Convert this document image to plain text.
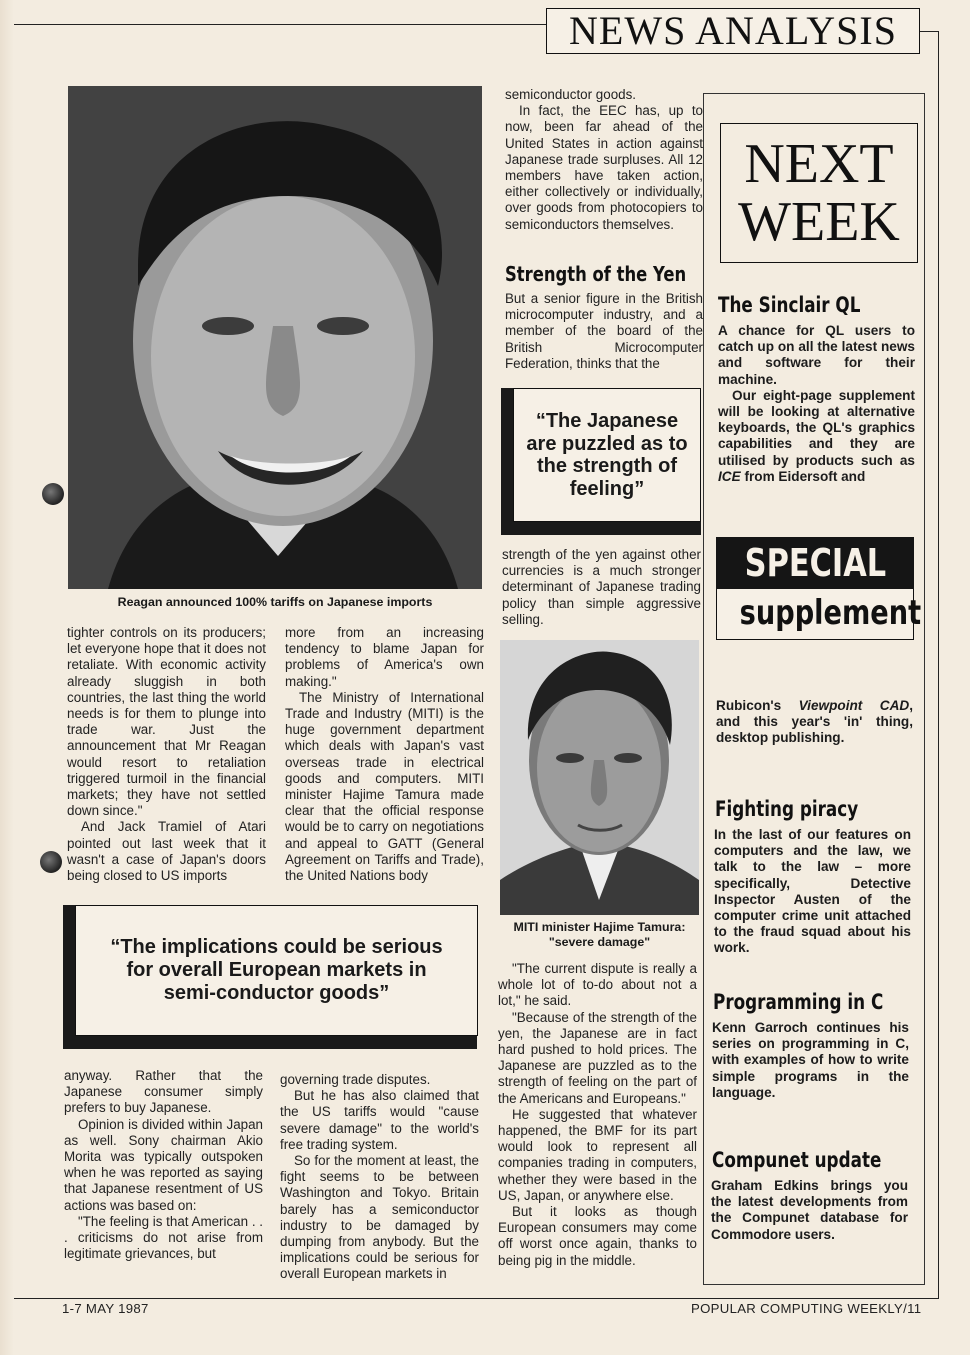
NEWS ANALYSIS
Reagan announced 100% tariffs on Japanese imports

tighter controls on its producers; let everyone hope that it does not retaliate. With economic activity already sluggish in both countries, the last thing the world needs is for them to plunge into trade war. Just the announcement that Mr Reagan would resort to retaliation triggered turmoil in the financial markets; they have not settled down since."

And Jack Tramiel of Atari pointed out last week that it wasn't a case of Japan's doors being closed to US imports

more from an increasing tendency to blame Japan for problems of America's own making."

The Ministry of International Trade and Industry (MITI) is the huge government department which deals with Japan's vast overseas trade in electrical goods and computers. MITI minister Hajime Tamura made clear that the official response would be to carry on negotiations and appeal to GATT (General Agreement on Tariffs and Trade), the United Nations body

“The implications could be serious for overall European markets in semi-conductor goods”

anyway. Rather that the Japanese consumer simply prefers to buy Japanese.

Opinion is divided within Japan as well. Sony chairman Akio Morita was typically outspoken when he was reported as saying that Japanese resentment of US actions was based on:

"The feeling is that American . . . criticisms do not arise from legitimate grievances, but

governing trade disputes.

But he has also claimed that the US tariffs would "cause severe damage" to the world's free trading system.

So for the moment at least, the fight seems to be between Washington and Tokyo. Britain barely has a semiconductor industry to be damaged by dumping from anybody. But the implications could be serious for overall European markets in

semiconductor goods.

In fact, the EEC has, up to now, been far ahead of the United States in action against Japanese trade surpluses. All 12 members have taken action, either collectively or individually, over goods from photocopiers to semiconductors themselves.

Strength of the Yen

But a senior figure in the British microcomputer industry, and a member of the board of the British Microcomputer Federation, thinks that the

“The Japanese are puzzled as to the strength of feeling”

strength of the yen against other currencies is a much stronger determinant of Japanese trading policy than simple aggressive selling.

MITI minister Hajime Tamura: "severe damage"

"The current dispute is really a whole lot of to-do about not a lot," he said.

"Because of the strength of the yen, the Japanese are in fact hard pushed to hold prices. The Japanese are puzzled as to the strength of feeling on the part of the Americans and Europeans."

He suggested that whatever happened, the BMF for its part would look to represent all companies trading in computers, whether they were based in the US, Japan, or anywhere else.

But it looks as though European consumers may come off worst once again, thanks to being pig in the middle.

NEXT
WEEK
The Sinclair QL

A chance for QL users to catch up on all the latest news and software for their machine.

Our eight-page supplement will be looking at alternative keyboards, the QL's graphics capabilities and they are utilised by products such as ICE from Eidersoft and

SPECIAL
supplement

Rubicon's Viewpoint CAD, and this year's 'in' thing, desktop publishing.

Fighting piracy

In the last of our features on computers and the law, we talk to the law – more specifically, Detective Inspector Austen of the computer crime unit attached to the fraud squad about his work.

Programming in C

Kenn Garroch continues his series on programming in C, with examples of how to write simple programs in the language.

Compunet update

Graham Edkins brings you the latest developments from the Compunet database for Commodore users.

1-7 MAY 1987	POPULAR COMPUTING WEEKLY/11
